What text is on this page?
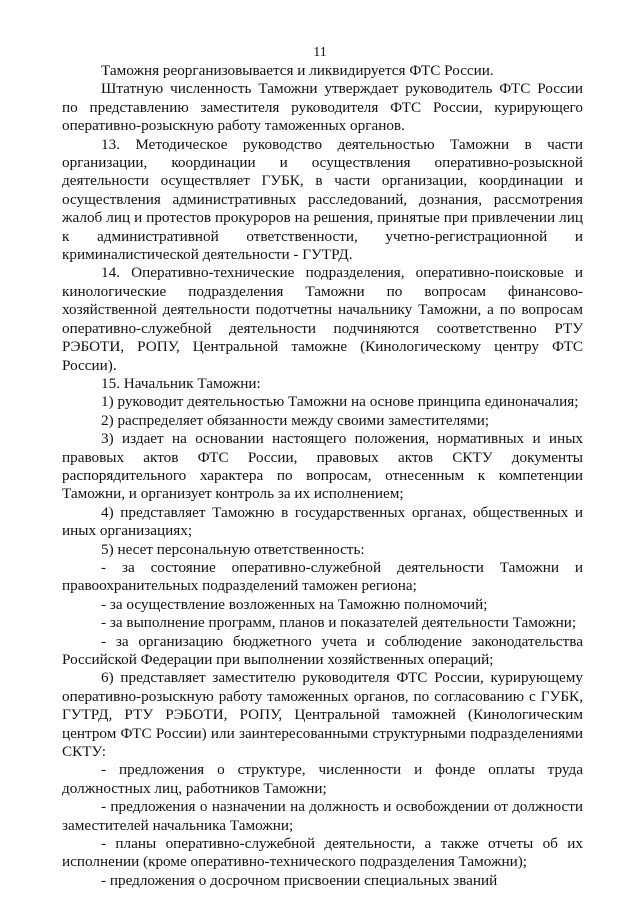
11

Таможня реорганизовывается и ликвидируется ФТС России.

Штатную численность Таможни утверждает руководитель ФТС России по представлению заместителя руководителя ФТС России, курирующего оперативно-розыскную работу таможенных органов.

13. Методическое руководство деятельностью Таможни в части организации, координации и осуществления оперативно-розыскной деятельности осуществляет ГУБК, в части организации, координации и осуществления административных расследований, дознания, рассмотрения жалоб лиц и протестов прокуроров на решения, принятые при привлечении лиц к административной ответственности, учетно-регистрационной и криминалистической деятельности - ГУТРД.

14. Оперативно-технические подразделения, оперативно-поисковые и кинологические подразделения Таможни по вопросам финансово-хозяйственной деятельности подотчетны начальнику Таможни, а по вопросам оперативно-служебной деятельности подчиняются соответственно РТУ РЭБОТИ, РОПУ, Центральной таможне (Кинологическому центру ФТС России).

15. Начальник Таможни:

1) руководит деятельностью Таможни на основе принципа единоначалия;

2) распределяет обязанности между своими заместителями;

3) издает на основании настоящего положения, нормативных и иных правовых актов ФТС России, правовых актов СКТУ документы распорядительного характера по вопросам, отнесенным к компетенции Таможни, и организует контроль за их исполнением;

4) представляет Таможню в государственных органах, общественных и иных организациях;

5) несет персональную ответственность:

- за состояние оперативно-служебной деятельности Таможни и правоохранительных подразделений таможен региона;

- за осуществление возложенных на Таможню полномочий;

- за выполнение программ, планов и показателей деятельности Таможни;

- за организацию бюджетного учета и соблюдение законодательства Российской Федерации при выполнении хозяйственных операций;

6) представляет заместителю руководителя ФТС России, курирующему оперативно-розыскную работу таможенных органов, по согласованию с ГУБК, ГУТРД, РТУ РЭБОТИ, РОПУ, Центральной таможней (Кинологическим центром ФТС России) или заинтересованными структурными подразделениями СКТУ:

- предложения о структуре, численности и фонде оплаты труда должностных лиц, работников Таможни;

- предложения о назначении на должность и освобождении от должности заместителей начальника Таможни;

- планы оперативно-служебной деятельности, а также отчеты об их исполнении (кроме оперативно-технического подразделения Таможни);

- предложения о досрочном присвоении специальных званий
